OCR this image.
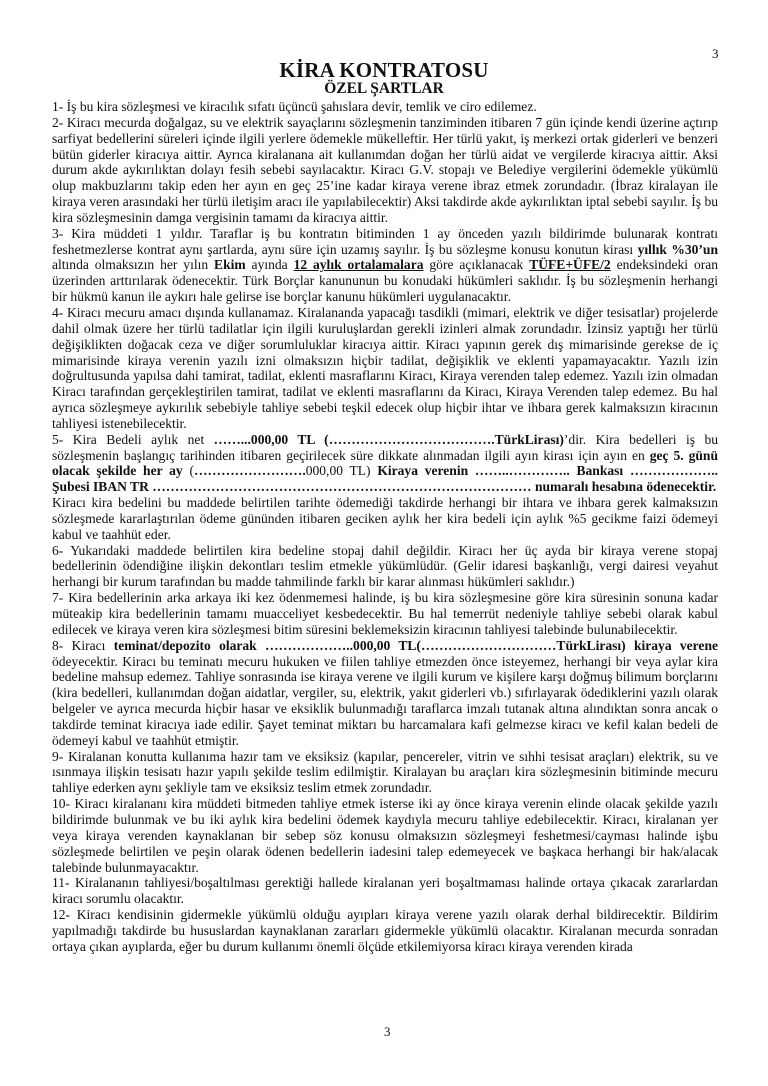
3
KİRA KONTRATOSU
ÖZEL ŞARTLAR

1- İş bu kira sözleşmesi ve kiracılık sıfatı üçüncü şahıslara devir, temlik ve ciro edilemez.

2- Kiracı mecurda doğalgaz, su ve elektrik sayaçlarını sözleşmenin tanziminden itibaren 7 gün içinde kendi üzerine açtırıp sarfiyat bedellerini süreleri içinde ilgili yerlere ödemekle mükelleftir. Her türlü yakıt, iş merkezi ortak giderleri ve benzeri bütün giderler kiracıya aittir. Ayrıca kiralanana ait kullanımdan doğan her türlü aidat ve vergilerde kiracıya aittir. Aksi durum akde aykırılıktan dolayı fesih sebebi sayılacaktır. Kiracı G.V. stopajı ve Belediye vergilerini ödemekle yükümlü olup makbuzlarını takip eden her ayın en geç 25’ine kadar kiraya verene ibraz etmek zorundadır. (İbraz kiralayan ile kiraya veren arasındaki her türlü iletişim aracı ile yapılabilecektir) Aksi takdirde akde aykırılıktan iptal sebebi sayılır. İş bu kira sözleşmesinin damga vergisinin tamamı da kiracıya aittir.

3- Kira müddeti 1 yıldır. Taraflar iş bu kontratın bitiminden 1 ay önceden yazılı bildirimde bulunarak kontratı feshetmezlerse kontrat aynı şartlarda, aynı süre için uzamış sayılır. İş bu sözleşme konusu konutun kirası yıllık %30’un altında olmaksızın her yılın Ekim ayında 12 aylık ortalamalara göre açıklanacak TÜFE+ÜFE/2 endeksindeki oran üzerinden arttırılarak ödenecektir. Türk Borçlar kanununun bu konudaki hükümleri saklıdır. İş bu sözleşmenin herhangi bir hükmü kanun ile aykırı hale gelirse ise borçlar kanunu hükümleri uygulanacaktır.

4- Kiracı mecuru amacı dışında kullanamaz. Kiralananda yapacağı tasdikli (mimari, elektrik ve diğer tesisatlar) projelerde dahil olmak üzere her türlü tadilatlar için ilgili kuruluşlardan gerekli izinleri almak zorundadır. İzinsiz yaptığı her türlü değişiklikten doğacak ceza ve diğer sorumluluklar kiracıya aittir. Kiracı yapının gerek dış mimarisinde gerekse de iç mimarisinde kiraya verenin yazılı izni olmaksızın hiçbir tadilat, değişiklik ve eklenti yapamayacaktır. Yazılı izin doğrultusunda yapılsa dahi tamirat, tadilat, eklenti masraflarını Kiracı, Kiraya verenden talep edemez. Yazılı izin olmadan Kiracı tarafından gerçekleştirilen tamirat, tadilat ve eklenti masraflarını da Kiracı, Kiraya Verenden talep edemez. Bu hal ayrıca sözleşmeye aykırılık sebebiyle tahliye sebebi teşkil edecek olup hiçbir ihtar ve ihbara gerek kalmaksızın kiracının tahliyesi istenebilecektir.

5- Kira Bedeli aylık net ……...000,00 TL (……………………………….TürkLirası)’dir. Kira bedelleri iş bu sözleşmenin başlangıç tarihinden itibaren geçirilecek süre dikkate alınmadan ilgili ayın kirası için ayın en geç 5. günü olacak şekilde her ay (…………………….000,00 TL) Kiraya verenin ……..………….. Bankası ……………….. Şubesi IBAN TR ………………………………………………………………………… numaralı hesabına ödenecektir.

Kiracı kira bedelini bu maddede belirtilen tarihte ödemediği takdirde herhangi bir ihtara ve ihbara gerek kalmaksızın sözleşmede kararlaştırılan ödeme gününden itibaren geciken aylık her kira bedeli için aylık %5 gecikme faizi ödemeyi kabul ve taahhüt eder.

6- Yukarıdaki maddede belirtilen kira bedeline stopaj dahil değildir. Kiracı her üç ayda bir kiraya verene stopaj bedellerinin ödendiğine ilişkin dekontları teslim etmekle yükümlüdür. (Gelir idaresi başkanlığı, vergi dairesi veyahut herhangi bir kurum tarafından bu madde tahmilinde farklı bir karar alınması hükümleri saklıdır.)

7- Kira bedellerinin arka arkaya iki kez ödenmemesi halinde, iş bu kira sözleşmesine göre kira süresinin sonuna kadar müteakip kira bedellerinin tamamı muacceliyet kesbedecektir. Bu hal temerrüt nedeniyle tahliye sebebi olarak kabul edilecek ve kiraya veren kira sözleşmesi bitim süresini beklemeksizin kiracının tahliyesi talebinde bulunabilecektir.

8- Kiracı teminat/depozito olarak ………………..000,00 TL(…………………………TürkLirası) kiraya verene ödeyecektir. Kiracı bu teminatı mecuru hukuken ve fiilen tahliye etmezden önce isteyemez, herhangi bir veya aylar kira bedeline mahsup edemez. Tahliye sonrasında ise kiraya verene ve ilgili kurum ve kişilere karşı doğmuş bilimum borçlarını (kira bedelleri, kullanımdan doğan aidatlar, vergiler, su, elektrik, yakıt giderleri vb.) sıfırlayarak ödediklerini yazılı olarak belgeler ve ayrıca mecurda hiçbir hasar ve eksiklik bulunmadığı taraflarca imzalı tutanak altına alındıktan sonra ancak o takdirde teminat kiracıya iade edilir. Şayet teminat miktarı bu harcamalara kafi gelmezse kiracı ve kefil kalan bedeli de ödemeyi kabul ve taahhüt etmiştir.

9- Kiralanan konutta kullanıma hazır tam ve eksiksiz (kapılar, pencereler, vitrin ve sıhhi tesisat araçları) elektrik, su ve ısınmaya ilişkin tesisatı hazır yapılı şekilde teslim edilmiştir. Kiralayan bu araçları kira sözleşmesinin bitiminde mecuru tahliye ederken aynı şekliyle tam ve eksiksiz teslim etmek zorundadır.

10- Kiracı kiralananı kira müddeti bitmeden tahliye etmek isterse iki ay önce kiraya verenin elinde olacak şekilde yazılı bildirimde bulunmak ve bu iki aylık kira bedelini ödemek kaydıyla mecuru tahliye edebilecektir. Kiracı, kiralanan yer veya kiraya verenden kaynaklanan bir sebep söz konusu olmaksızın sözleşmeyi feshetmesi/cayması halinde işbu sözleşmede belirtilen ve peşin olarak ödenen bedellerin iadesini talep edemeyecek ve başkaca herhangi bir hak/alacak talebinde bulunmayacaktır.

11- Kiralananın tahliyesi/boşaltılması gerektiği hallede kiralanan yeri boşaltmaması halinde ortaya çıkacak zararlardan kiracı sorumlu olacaktır.

12- Kiracı kendisinin gidermekle yükümlü olduğu ayıpları kiraya verene yazılı olarak derhal bildirecektir. Bildirim yapılmadığı takdirde bu hususlardan kaynaklanan zararları gidermekle yükümlü olacaktır. Kiralanan mecurda sonradan ortaya çıkan ayıplarda, eğer bu durum kullanımı önemli ölçüde etkilemiyorsa kiracı kiraya verenden kirada

3
